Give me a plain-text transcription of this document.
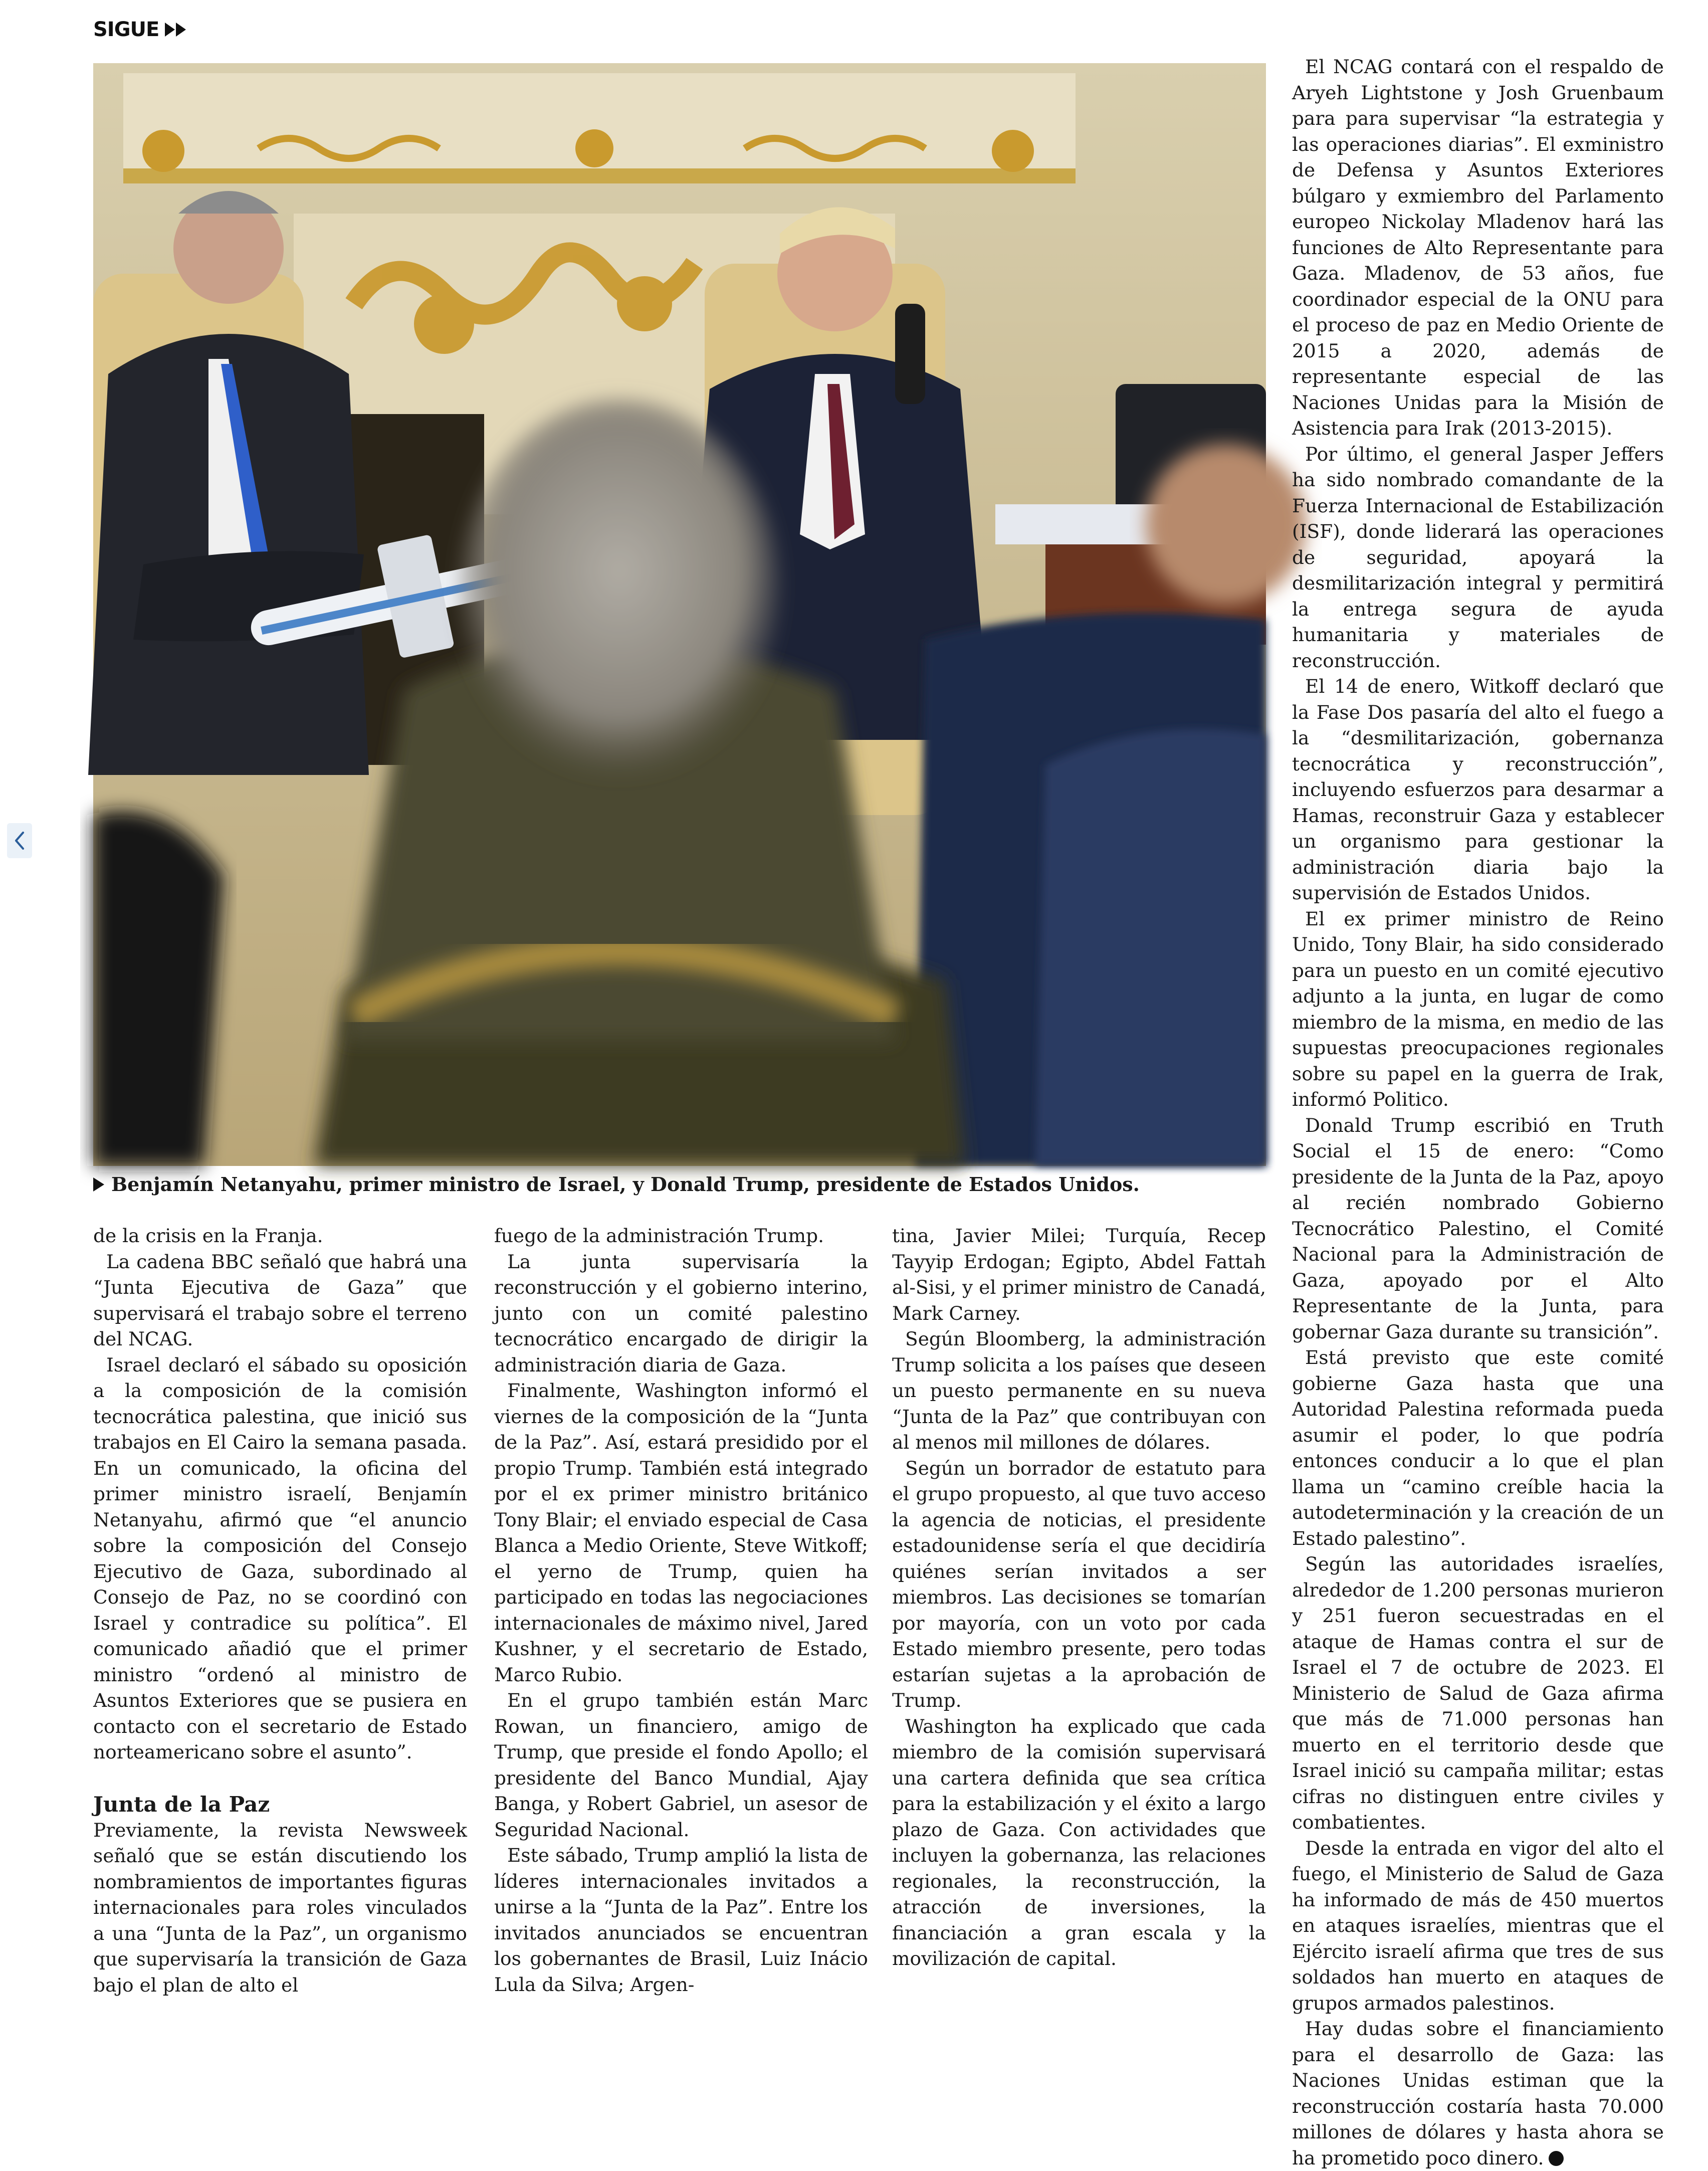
SIGUE
Benjamín Netanyahu, primer ministro de Israel, y Donald Trump, presidente de Estados Unidos.

de la crisis en la Franja.

La cadena BBC señaló que habrá una “Junta Ejecutiva de Gaza” que supervisará el trabajo sobre el terreno del NCAG.

Israel declaró el sábado su oposición a la composición de la comisión tecnocrática palestina, que inició sus trabajos en El Cairo la semana pasada. En un comunicado, la oficina del primer ministro israelí, Benjamín Netanyahu, afirmó que “el anuncio sobre la composición del Consejo Ejecutivo de Gaza, subordinado al Consejo de Paz, no se coordinó con Israel y contradice su política”. El comunicado añadió que el primer ministro “ordenó al ministro de Asuntos Exteriores que se pusiera en contacto con el secretario de Estado norteamericano sobre el asunto”.

Junta de la Paz

Previamente, la revista Newsweek señaló que se están discutiendo los nombramientos de importantes figuras internacionales para roles vinculados a una “Junta de la Paz”, un organismo que supervisaría la transición de Gaza bajo el plan de alto el

fuego de la administración Trump.

La junta supervisaría la reconstrucción y el gobierno interino, junto con un comité palestino tecnocrático encargado de dirigir la administración diaria de Gaza.

Finalmente, Washington informó el viernes de la composición de la “Junta de la Paz”. Así, estará presidido por el propio Trump. También está integrado por el ex primer ministro británico Tony Blair; el enviado especial de Casa Blanca a Medio Oriente, Steve Witkoff; el yerno de Trump, quien ha participado en todas las negociaciones internacionales de máximo nivel, Jared Kushner, y el secretario de Estado, Marco Rubio.

En el grupo también están Marc Rowan, un financiero, amigo de Trump, que preside el fondo Apollo; el presidente del Banco Mundial, Ajay Banga, y Robert Gabriel, un asesor de Seguridad Nacional.

Este sábado, Trump amplió la lista de líderes internacionales invitados a unirse a la “Junta de la Paz”. Entre los invitados anunciados se encuentran los gobernantes de Brasil, Luiz Inácio Lula da Silva; Argen-

tina, Javier Milei; Turquía, Recep Tayyip Erdogan; Egipto, Abdel Fattah al-Sisi, y el primer ministro de Canadá, Mark Carney.

Según Bloomberg, la administración Trump solicita a los países que deseen un puesto permanente en su nueva “Junta de la Paz” que contribuyan con al menos mil millones de dólares.

Según un borrador de estatuto para el grupo propuesto, al que tuvo acceso la agencia de noticias, el presidente estadounidense sería el que decidiría quiénes serían invitados a ser miembros. Las decisiones se tomarían por mayoría, con un voto por cada Estado miembro presente, pero todas estarían sujetas a la aprobación de Trump.

Washington ha explicado que cada miembro de la comisión supervisará una cartera definida que sea crítica para la estabilización y el éxito a largo plazo de Gaza. Con actividades que incluyen la gobernanza, las relaciones regionales, la reconstrucción, la atracción de inversiones, la financiación a gran escala y la movilización de capital.

El NCAG contará con el respaldo de Aryeh Lightstone y Josh Gruenbaum para para supervisar “la estrategia y las operaciones diarias”. El exministro de Defensa y Asuntos Exteriores búlgaro y exmiembro del Parlamento europeo Nickolay Mladenov hará las funciones de Alto Representante para Gaza. Mladenov, de 53 años, fue coordinador especial de la ONU para el proceso de paz en Medio Oriente de 2015 a 2020, además de representante especial de las Naciones Unidas para la Misión de Asistencia para Irak (2013-2015).

Por último, el general Jasper Jeffers ha sido nombrado comandante de la Fuerza Internacional de Estabilización (ISF), donde liderará las operaciones de seguridad, apoyará la desmilitarización integral y permitirá la entrega segura de ayuda humanitaria y materiales de reconstrucción.

El 14 de enero, Witkoff declaró que la Fase Dos pasaría del alto el fuego a la “desmilitarización, gobernanza tecnocrática y reconstrucción”, incluyendo esfuerzos para desarmar a Hamas, reconstruir Gaza y establecer un organismo para gestionar la administración diaria bajo la supervisión de Estados Unidos.

El ex primer ministro de Reino Unido, Tony Blair, ha sido considerado para un puesto en un comité ejecutivo adjunto a la junta, en lugar de como miembro de la misma, en medio de las supuestas preocupaciones regionales sobre su papel en la guerra de Irak, informó Politico.

Donald Trump escribió en Truth Social el 15 de enero: “Como presidente de la Junta de la Paz, apoyo al recién nombrado Gobierno Tecnocrático Palestino, el Comité Nacional para la Administración de Gaza, apoyado por el Alto Representante de la Junta, para gobernar Gaza durante su transición”.

Está previsto que este comité gobierne Gaza hasta que una Autoridad Palestina reformada pueda asumir el poder, lo que podría entonces conducir a lo que el plan llama un “camino creíble hacia la autodeterminación y la creación de un Estado palestino”.

Según las autoridades israelíes, alrededor de 1.200 personas murieron y 251 fueron secuestradas en el ataque de Hamas contra el sur de Israel el 7 de octubre de 2023. El Ministerio de Salud de Gaza afirma que más de 71.000 personas han muerto en el territorio desde que Israel inició su campaña militar; estas cifras no distinguen entre civiles y combatientes.

Desde la entrada en vigor del alto el fuego, el Ministerio de Salud de Gaza ha informado de más de 450 muertos en ataques israelíes, mientras que el Ejército israelí afirma que tres de sus soldados han muerto en ataques de grupos armados palestinos.

Hay dudas sobre el financiamiento para el desarrollo de Gaza: las Naciones Unidas estiman que la reconstrucción costaría hasta 70.000 millones de dólares y hasta ahora se ha prometido poco dinero.
